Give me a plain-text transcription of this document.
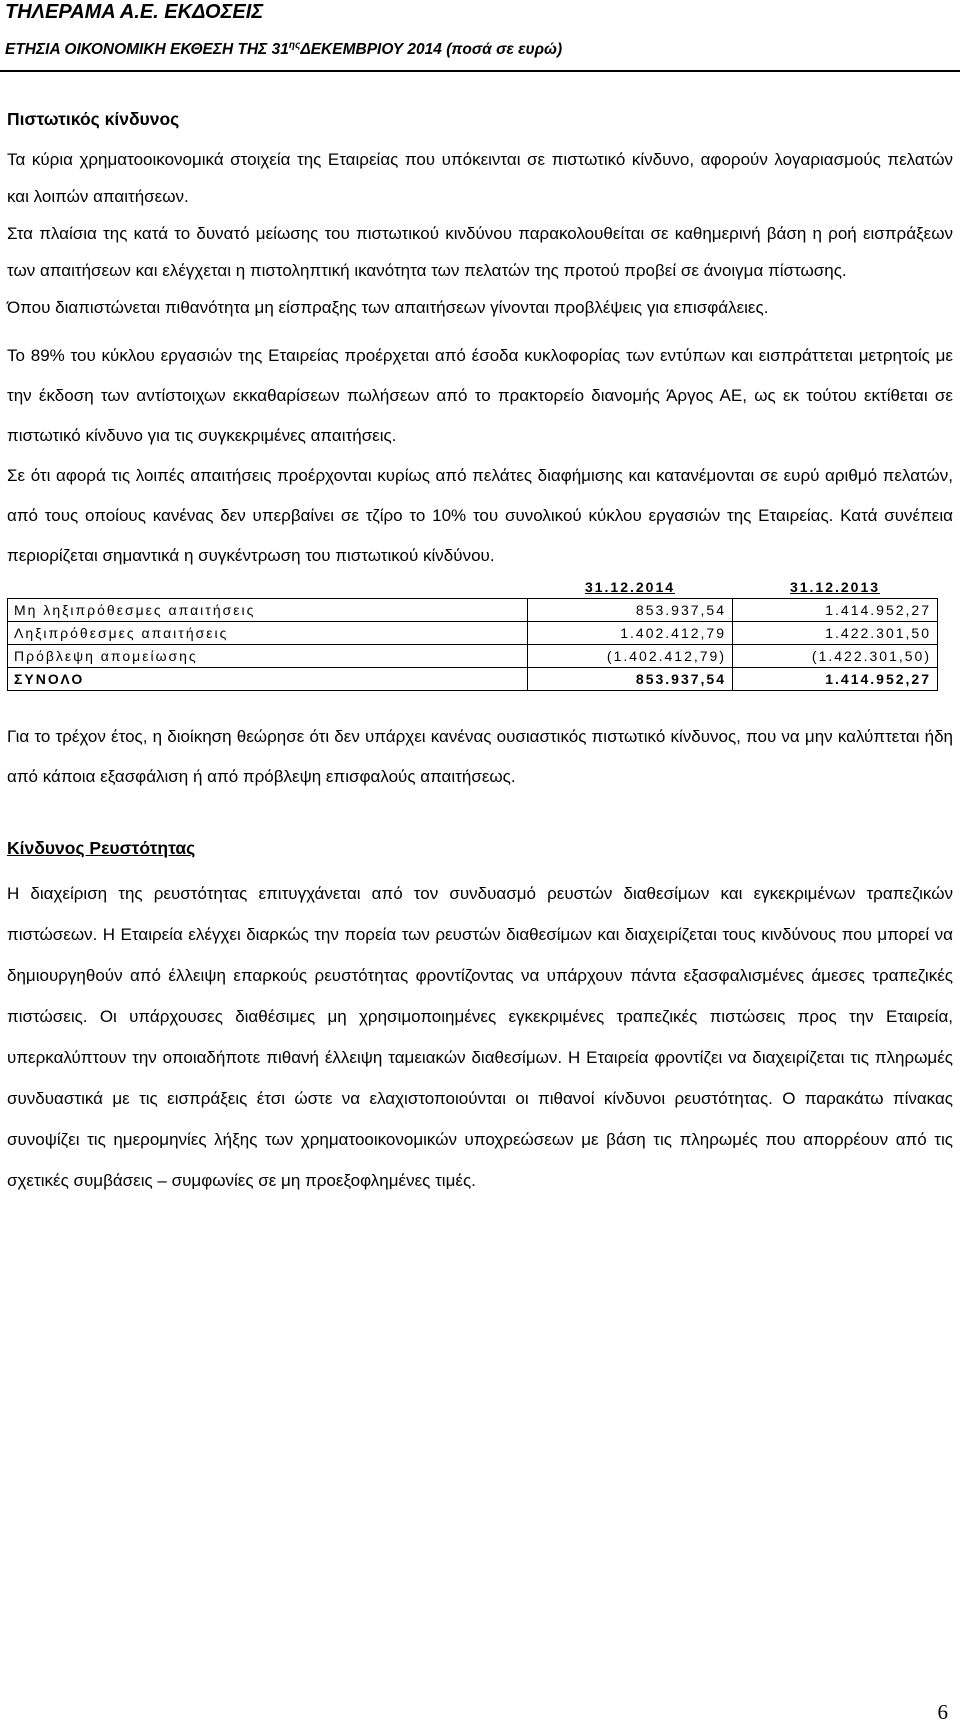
ΤΗΛΕΡΑΜΑ Α.Ε. ΕΚΔΟΣΕΙΣ
ΕΤΗΣΙΑ ΟΙΚΟΝΟΜΙΚΗ ΕΚΘΕΣΗ ΤΗΣ $31^{\eta\varsigma}\Delta EKEMBPIO\Upsilon$ 2014 (ποσά σε ευρώ)

Πιστωτικός κίνδυνος

Τα κύρια χρηματοοικονομικά στοιχεία της Εταιρείας που υπόκεινται σε πιστωτικό κίνδυνο, αφορούν λογαριασμούς πελατών και λοιπών απαιτήσεων.

Στα πλαίσια της κατά το δυνατό μείωσης του πιστωτικού κινδύνου παρακολουθείται σε καθημερινή βάση η ροή εισπράξεων των απαιτήσεων και ελέγχεται η πιστοληπτική ικανότητα των πελατών της προτού προβεί σε άνοιγμα πίστωσης.

Όπου διαπιστώνεται πιθανότητα μη είσπραξης των απαιτήσεων γίνονται προβλέψεις για επισφάλειες.

Το 89% του κύκλου εργασιών της Εταιρείας προέρχεται από έσοδα κυκλοφορίας των εντύπων και εισπράττεται μετρητοίς με την έκδοση των αντίστοιχων εκκαθαρίσεων πωλήσεων από το πρακτορείο διανομής Άργος ΑΕ, ως εκ τούτου εκτίθεται σε πιστωτικό κίνδυνο για τις συγκεκριμένες απαιτήσεις.

Σε ότι αφορά τις λοιπές απαιτήσεις προέρχονται κυρίως από πελάτες διαφήμισης και κατανέμονται σε ευρύ αριθμό πελατών, από τους οποίους κανένας δεν υπερβαίνει σε τζίρο το 10% του συνολικού κύκλου εργασιών της Εταιρείας. Κατά συνέπεια περιορίζεται σημαντικά η συγκέντρωση του πιστωτικού κίνδύνου.

	31.12.2014	31.12.2013
Μη ληξιπρόθεσμες απαιτήσεις	853.937,54	1.414.952,27
Ληξιπρόθεσμες απαιτήσεις	1.402.412,79	1.422.301,50
Πρόβλεψη απομείωσης	(1.402.412,79)	(1.422.301,50)
ΣΥΝΟΛΟ	853.937,54	1.414.952,27

Για το τρέχον έτος, η διοίκηση θεώρησε ότι δεν υπάρχει κανένας ουσιαστικός πιστωτικό κίνδυνος, που να μην καλύπτεται ήδη από κάποια εξασφάλιση ή από πρόβλεψη επισφαλούς απαιτήσεως.

Κίνδυνος Ρευστότητας

Η διαχείριση της ρευστότητας επιτυγχάνεται από τον συνδυασμό ρευστών διαθεσίμων και εγκεκριμένων τραπεζικών πιστώσεων. Η Εταιρεία ελέγχει διαρκώς την πορεία των ρευστών διαθεσίμων και διαχειρίζεται τους κινδύνους που μπορεί να δημιουργηθούν από έλλειψη επαρκούς ρευστότητας φροντίζοντας να υπάρχουν πάντα εξασφαλισμένες άμεσες τραπεζικές πιστώσεις. Οι υπάρχουσες διαθέσιμες μη χρησιμοποιημένες εγκεκριμένες τραπεζικές πιστώσεις προς την Εταιρεία, υπερκαλύπτουν την οποιαδήποτε πιθανή έλλειψη ταμειακών διαθεσίμων. Η Εταιρεία φροντίζει να διαχειρίζεται τις πληρωμές συνδυαστικά με τις εισπράξεις έτσι ώστε να ελαχιστοποιούνται οι πιθανοί κίνδυνοι ρευστότητας. Ο παρακάτω πίνακας συνοψίζει τις ημερομηνίες λήξης των χρηματοοικονομικών υποχρεώσεων με βάση τις πληρωμές που απορρέουν από τις σχετικές συμβάσεις – συμφωνίες σε μη προεξοφλημένες τιμές.

6
